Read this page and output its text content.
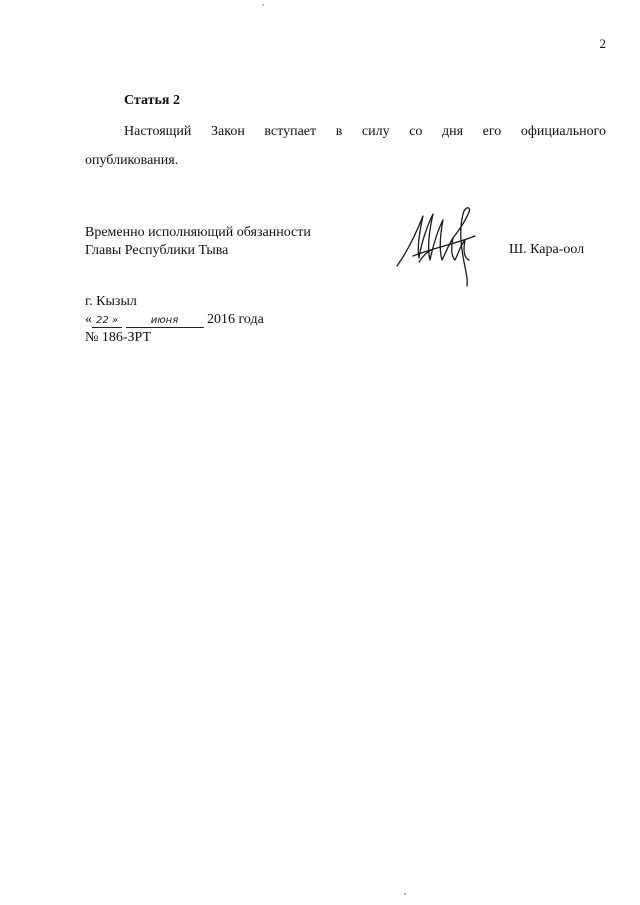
2
Статья 2

Настоящий Закон вступает в силу со дня его официального
опубликования.

Временно исполняющий обязанности
Главы Республики Тыва	Ш. Кара-оол
г. Кызыл
« 22 »	июня 2016 года
№ 186-ЗРТ
